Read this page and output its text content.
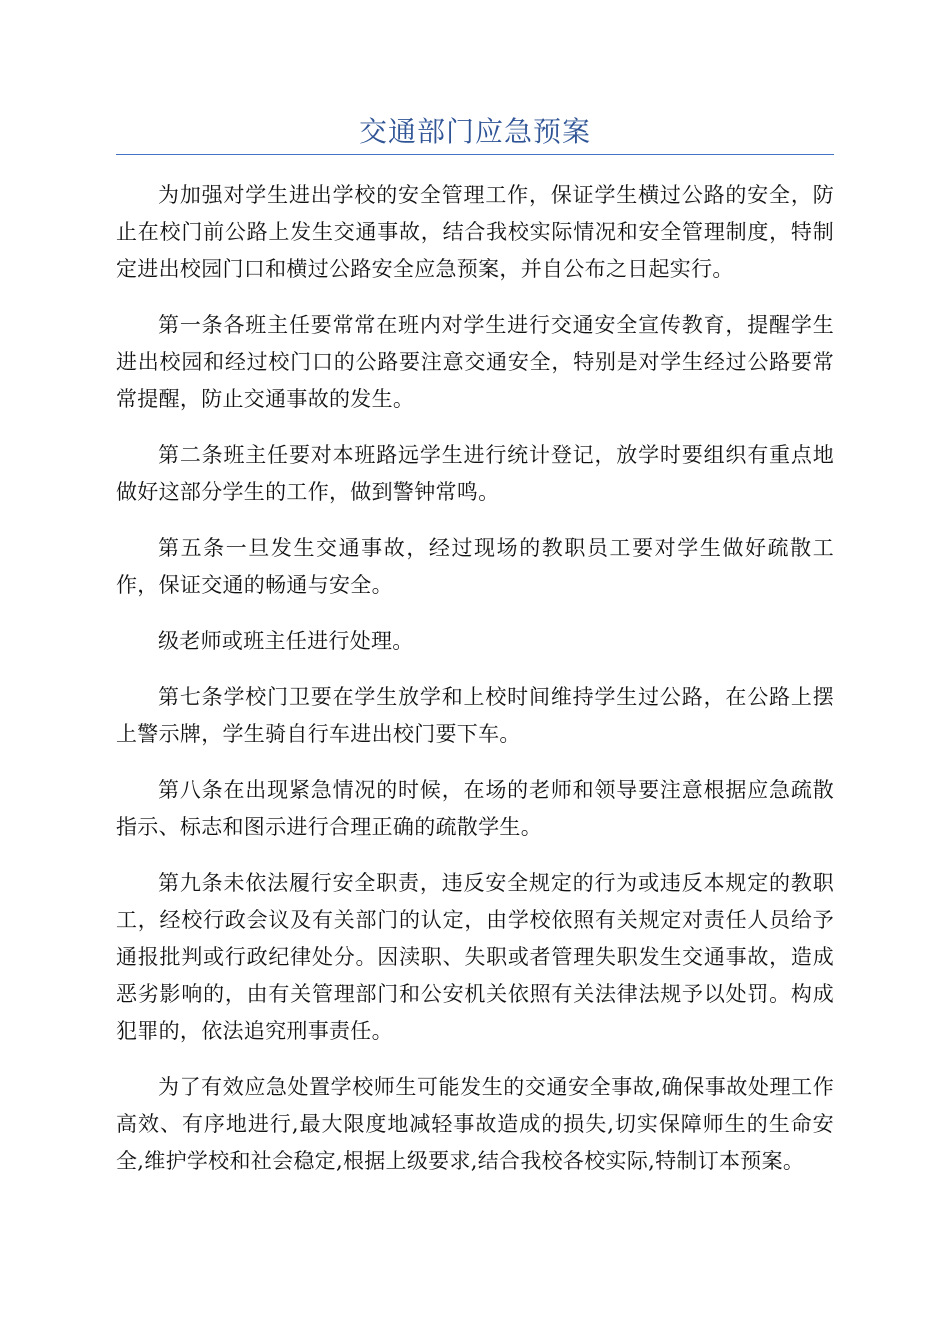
交通部门应急预案

为加强对学生进出学校的安全管理工作，保证学生横过公路的安全，防止在校门前公路上发生交通事故，结合我校实际情况和安全管理制度，特制定进出校园门口和横过公路安全应急预案，并自公布之日起实行。

第一条各班主任要常常在班内对学生进行交通安全宣传教育，提醒学生进出校园和经过校门口的公路要注意交通安全，特别是对学生经过公路要常常提醒，防止交通事故的发生。

第二条班主任要对本班路远学生进行统计登记，放学时要组织有重点地做好这部分学生的工作，做到警钟常鸣。

第五条一旦发生交通事故，经过现场的教职员工要对学生做好疏散工作，保证交通的畅通与安全。

级老师或班主任进行处理。

第七条学校门卫要在学生放学和上校时间维持学生过公路，在公路上摆上警示牌，学生骑自行车进出校门要下车。

第八条在出现紧急情况的时候，在场的老师和领导要注意根据应急疏散指示、标志和图示进行合理正确的疏散学生。

第九条未依法履行安全职责，违反安全规定的行为或违反本规定的教职工，经校行政会议及有关部门的认定，由学校依照有关规定对责任人员给予通报批判或行政纪律处分。因渎职、失职或者管理失职发生交通事故，造成恶劣影响的，由有关管理部门和公安机关依照有关法律法规予以处罚。构成犯罪的，依法追究刑事责任。

为了有效应急处置学校师生可能发生的交通安全事故,确保事故处理工作高效、有序地进行,最大限度地减轻事故造成的损失,切实保障师生的生命安全,维护学校和社会稳定,根据上级要求,结合我校各校实际,特制订本预案。
